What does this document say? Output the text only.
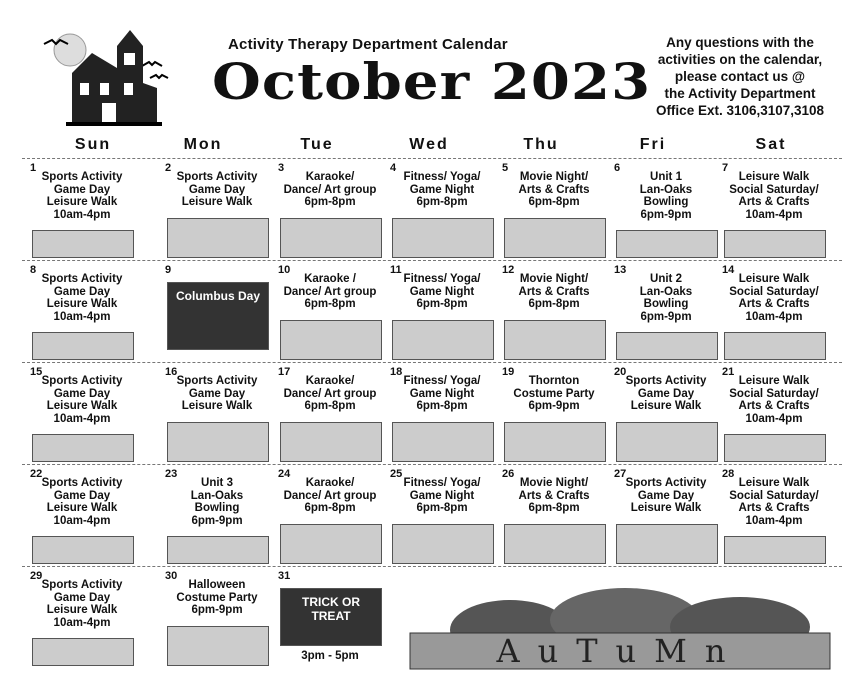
Activity Therapy Department Calendar
October 2023
Any questions with the
activities on the calendar,
please contact us @
the Activity Department
Office Ext. 3106,3107,3108
Sun	Mon	Tue	Wed	Thu	Fri	Sat
1
Sports Activity
Game Day
Leisure Walk
10am-4pm
2
Sports Activity
Game Day
Leisure Walk
3
Karaoke/
Dance/ Art group
6pm-8pm
4
Fitness/ Yoga/
Game Night
6pm-8pm
5
Movie Night/
Arts & Crafts
6pm-8pm
6
Unit 1
Lan-Oaks
Bowling
6pm-9pm
7
Leisure Walk
Social Saturday/
Arts & Crafts
10am-4pm
8
Sports Activity
Game Day
Leisure Walk
10am-4pm
9
Columbus Day
10
Karaoke /
Dance/ Art group
6pm-8pm
11
Fitness/ Yoga/
Game Night
6pm-8pm
12
Movie Night/
Arts & Crafts
6pm-8pm
13
Unit 2
Lan-Oaks
Bowling
6pm-9pm
14
Leisure Walk
Social Saturday/
Arts & Crafts
10am-4pm
15
Sports Activity
Game Day
Leisure Walk
10am-4pm
16
Sports Activity
Game Day
Leisure Walk
17
Karaoke/
Dance/ Art group
6pm-8pm
18
Fitness/ Yoga/
Game Night
6pm-8pm
19
Thornton
Costume Party
6pm-9pm
20
Sports Activity
Game Day
Leisure Walk
21
Leisure Walk
Social Saturday/
Arts & Crafts
10am-4pm
22
Sports Activity
Game Day
Leisure Walk
10am-4pm
23
Unit 3
Lan-Oaks
Bowling
6pm-9pm
24
Karaoke/
Dance/ Art group
6pm-8pm
25
Fitness/ Yoga/
Game Night
6pm-8pm
26
Movie Night/
Arts & Crafts
6pm-8pm
27
Sports Activity
Game Day
Leisure Walk
28
Leisure Walk
Social Saturday/
Arts & Crafts
10am-4pm
29
Sports Activity
Game Day
Leisure Walk
10am-4pm
30
Halloween
Costume Party
6pm-9pm
31
TRICK OR TREAT
3pm - 5pm	AuTuMn
